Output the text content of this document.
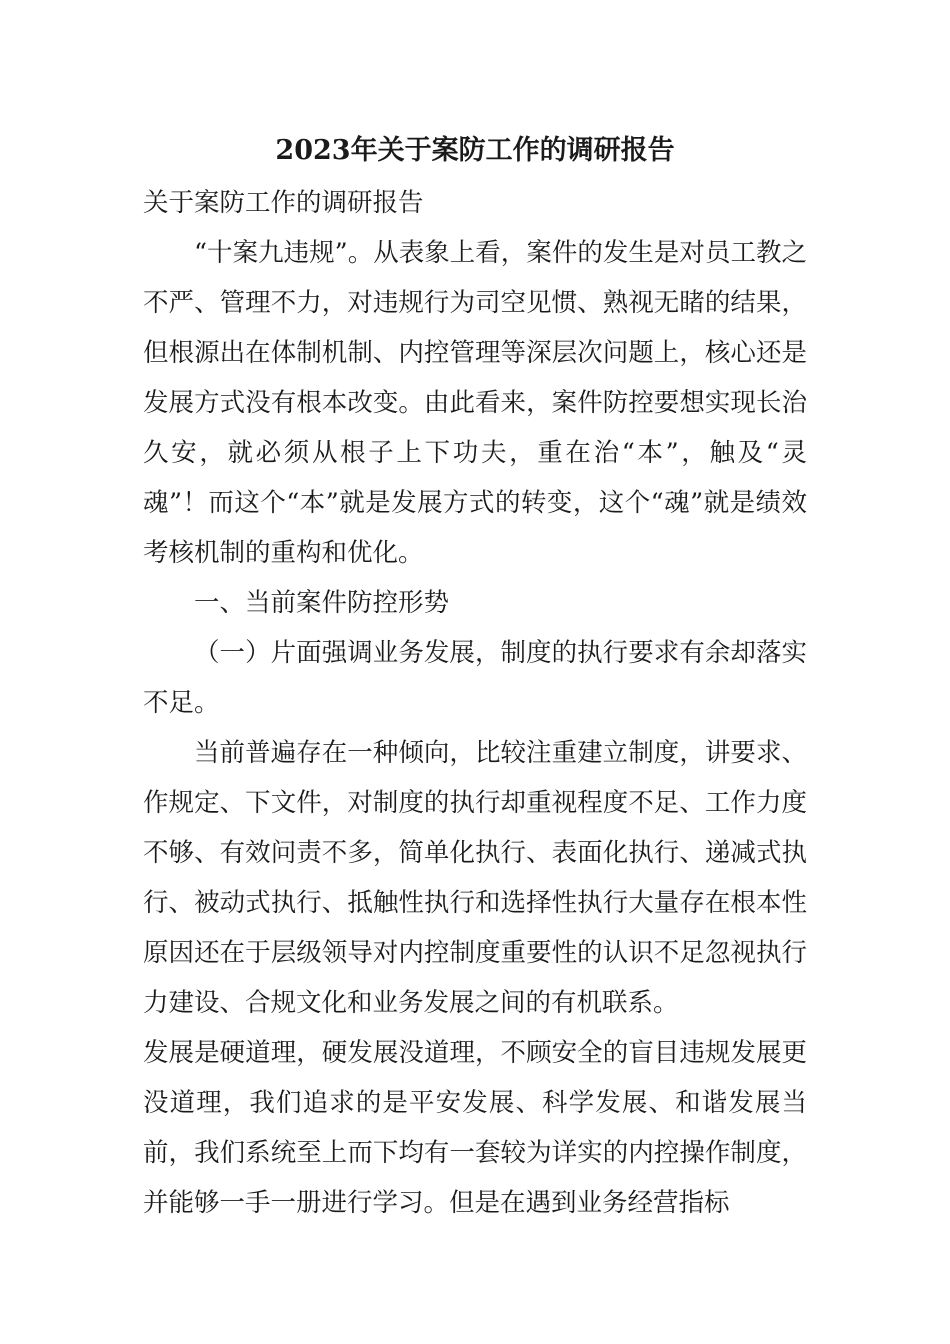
2023年关于案防工作的调研报告

关于案防工作的调研报告

“十案九违规”。从表象上看，案件的发生是对员工教之不严、管理不力，对违规行为司空见惯、熟视无睹的结果，但根源出在体制机制、内控管理等深层次问题上，核心还是发展方式没有根本改变。由此看来，案件防控要想实现长治久安，就必须从根子上下功夫，重在治“本”，触及“灵魂”！而这个“本”就是发展方式的转变，这个“魂”就是绩效考核机制的重构和优化。

一、当前案件防控形势

（一）片面强调业务发展，制度的执行要求有余却落实不足。

当前普遍存在一种倾向，比较注重建立制度，讲要求、作规定、下文件，对制度的执行却重视程度不足、工作力度不够、有效问责不多，简单化执行、表面化执行、递减式执行、被动式执行、抵触性执行和选择性执行大量存在根本性原因还在于层级领导对内控制度重要性的认识不足忽视执行力建设、合规文化和业务发展之间的有机联系。

发展是硬道理，硬发展没道理，不顾安全的盲目违规发展更没道理，我们追求的是平安发展、科学发展、和谐发展当前，我们系统至上而下均有一套较为详实的内控操作制度，并能够一手一册进行学习。但是在遇到业务经营指标
